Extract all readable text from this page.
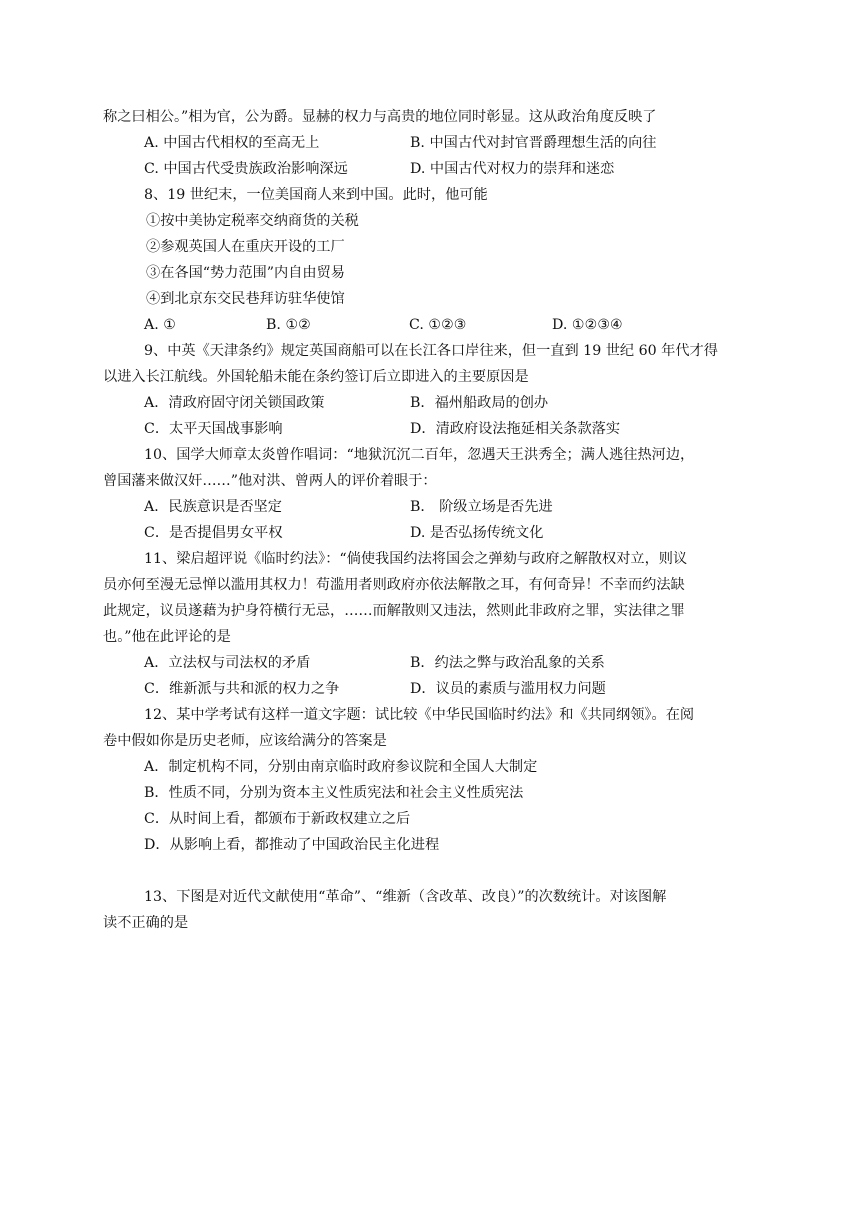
称之曰相公。”相为官，公为爵。显赫的权力与高贵的地位同时彰显。这从政治角度反映了
A. 中国古代相权的至高无上	B. 中国古代对封官晋爵理想生活的向往
C. 中国古代受贵族政治影响深远	D. 中国古代对权力的崇拜和迷恋
8、19 世纪末，一位美国商人来到中国。此时，他可能
①按中美协定税率交纳商货的关税
②参观英国人在重庆开设的工厂
③在各国“势力范围”内自由贸易
④到北京东交民巷拜访驻华使馆
A. ①	B. ①②	C. ①②③	D. ①②③④
9、中英《天津条约》规定英国商船可以在长江各口岸往来，但一直到 19 世纪 60 年代才得
以进入长江航线。外国轮船未能在条约签订后立即进入的主要原因是
A．清政府固守闭关锁国政策	B．福州船政局的创办
C．太平天国战事影响	D．清政府设法拖延相关条款落实
10、国学大师章太炎曾作唱词：“地狱沉沉二百年，忽遇天王洪秀全；满人逃往热河边，
曾国藩来做汉奸……”他对洪、曾两人的评价着眼于：
A．民族意识是否坚定	B． 阶级立场是否先进
C．是否提倡男女平权	D. 是否弘扬传统文化
11、梁启超评说《临时约法》：“倘使我国约法将国会之弹劾与政府之解散权对立，则议
员亦何至漫无忌惮以滥用其权力！苟滥用者则政府亦依法解散之耳，有何奇异！不幸而约法缺
此规定，议员遂藉为护身符横行无忌，……而解散则又违法，然则此非政府之罪，实法律之罪
也。”他在此评论的是
A．立法权与司法权的矛盾	B．约法之弊与政治乱象的关系
C．维新派与共和派的权力之争	D．议员的素质与滥用权力问题
12、某中学考试有这样一道文字题：试比较《中华民国临时约法》和《共同纲领》。在阅
卷中假如你是历史老师，应该给满分的答案是
A．制定机构不同，分别由南京临时政府参议院和全国人大制定
B．性质不同，分别为资本主义性质宪法和社会主义性质宪法
C．从时间上看，都颁布于新政权建立之后
D．从影响上看，都推动了中国政治民主化进程
13、下图是对近代文献使用“革命”、“维新（含改革、改良）”的次数统计。对该图解
读不正确的是
